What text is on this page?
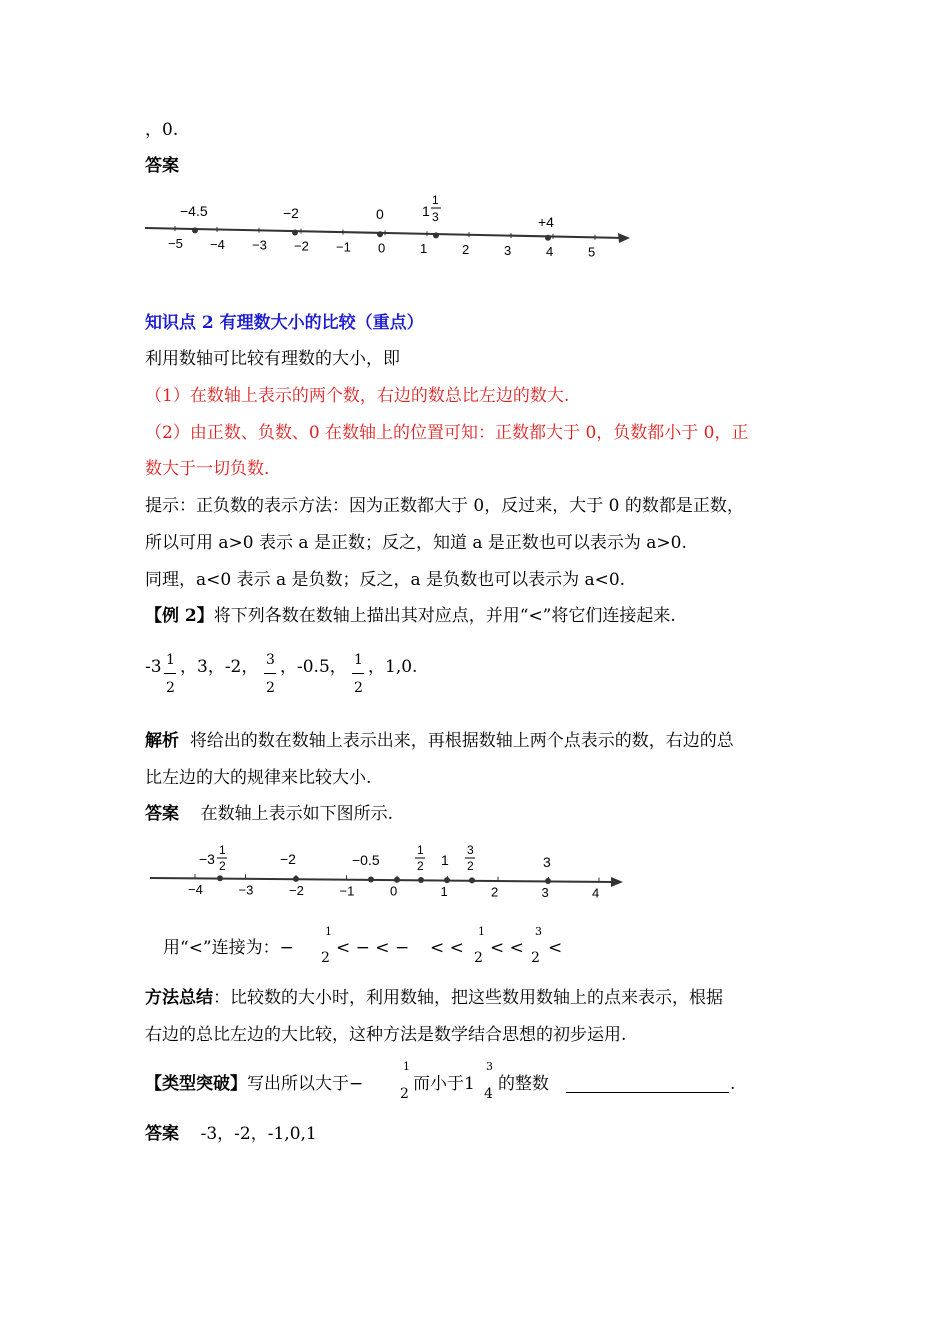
，0.
答案
−5 −4 −3 −2 −1 0	1	2	3	4	5
−4.5	−2	0	1
1
3	+4
知识点 2 有理数大小的比较（重点）
利用数轴可比较有理数的大小，即
（1）在数轴上表示的两个数，右边的数总比左边的数大.
（2）由正数、负数、0 在数轴上的位置可知：正数都大于 0，负数都小于 0，正
数大于一切负数.
提示：正负数的表示方法：因为正数都大于 0，反过来，大于 0 的数都是正数，
所以可用 a>0 表示 a 是正数；反之，知道 a 是正数也可以表示为 a>0.
同理，a<0 表示 a 是负数；反之，a 是负数也可以表示为 a<0.
【例 2】将下列各数在数轴上描出其对应点，并用“<”将它们连接起来.
-3 1
2
，3，-2， 3
2
，-0.5， 1
2
，1,0.
解析 将给出的数在数轴上表示出来，再根据数轴上两个点表示的数，右边的总
比左边的大的规律来比较大小.
答案 在数轴上表示如下图所示.
−4	−3	−2	−1	0	1	2	3	4
−3
1
2	−2	−0.5
1
2 1
3
2	3
用“<”连接为：−
1
2 < − < − < <
1
2 < <
3
2 <
方法总结：比较数的大小时，利用数轴，把这些数用数轴上的点来表示，根据
右边的总比左边的大比较，这种方法是数学结合思想的初步运用.
【类型突破】写出所以大于−
1
2 而小于1
3
4 的整数	.
答案 -3，-2，-1,0,1
